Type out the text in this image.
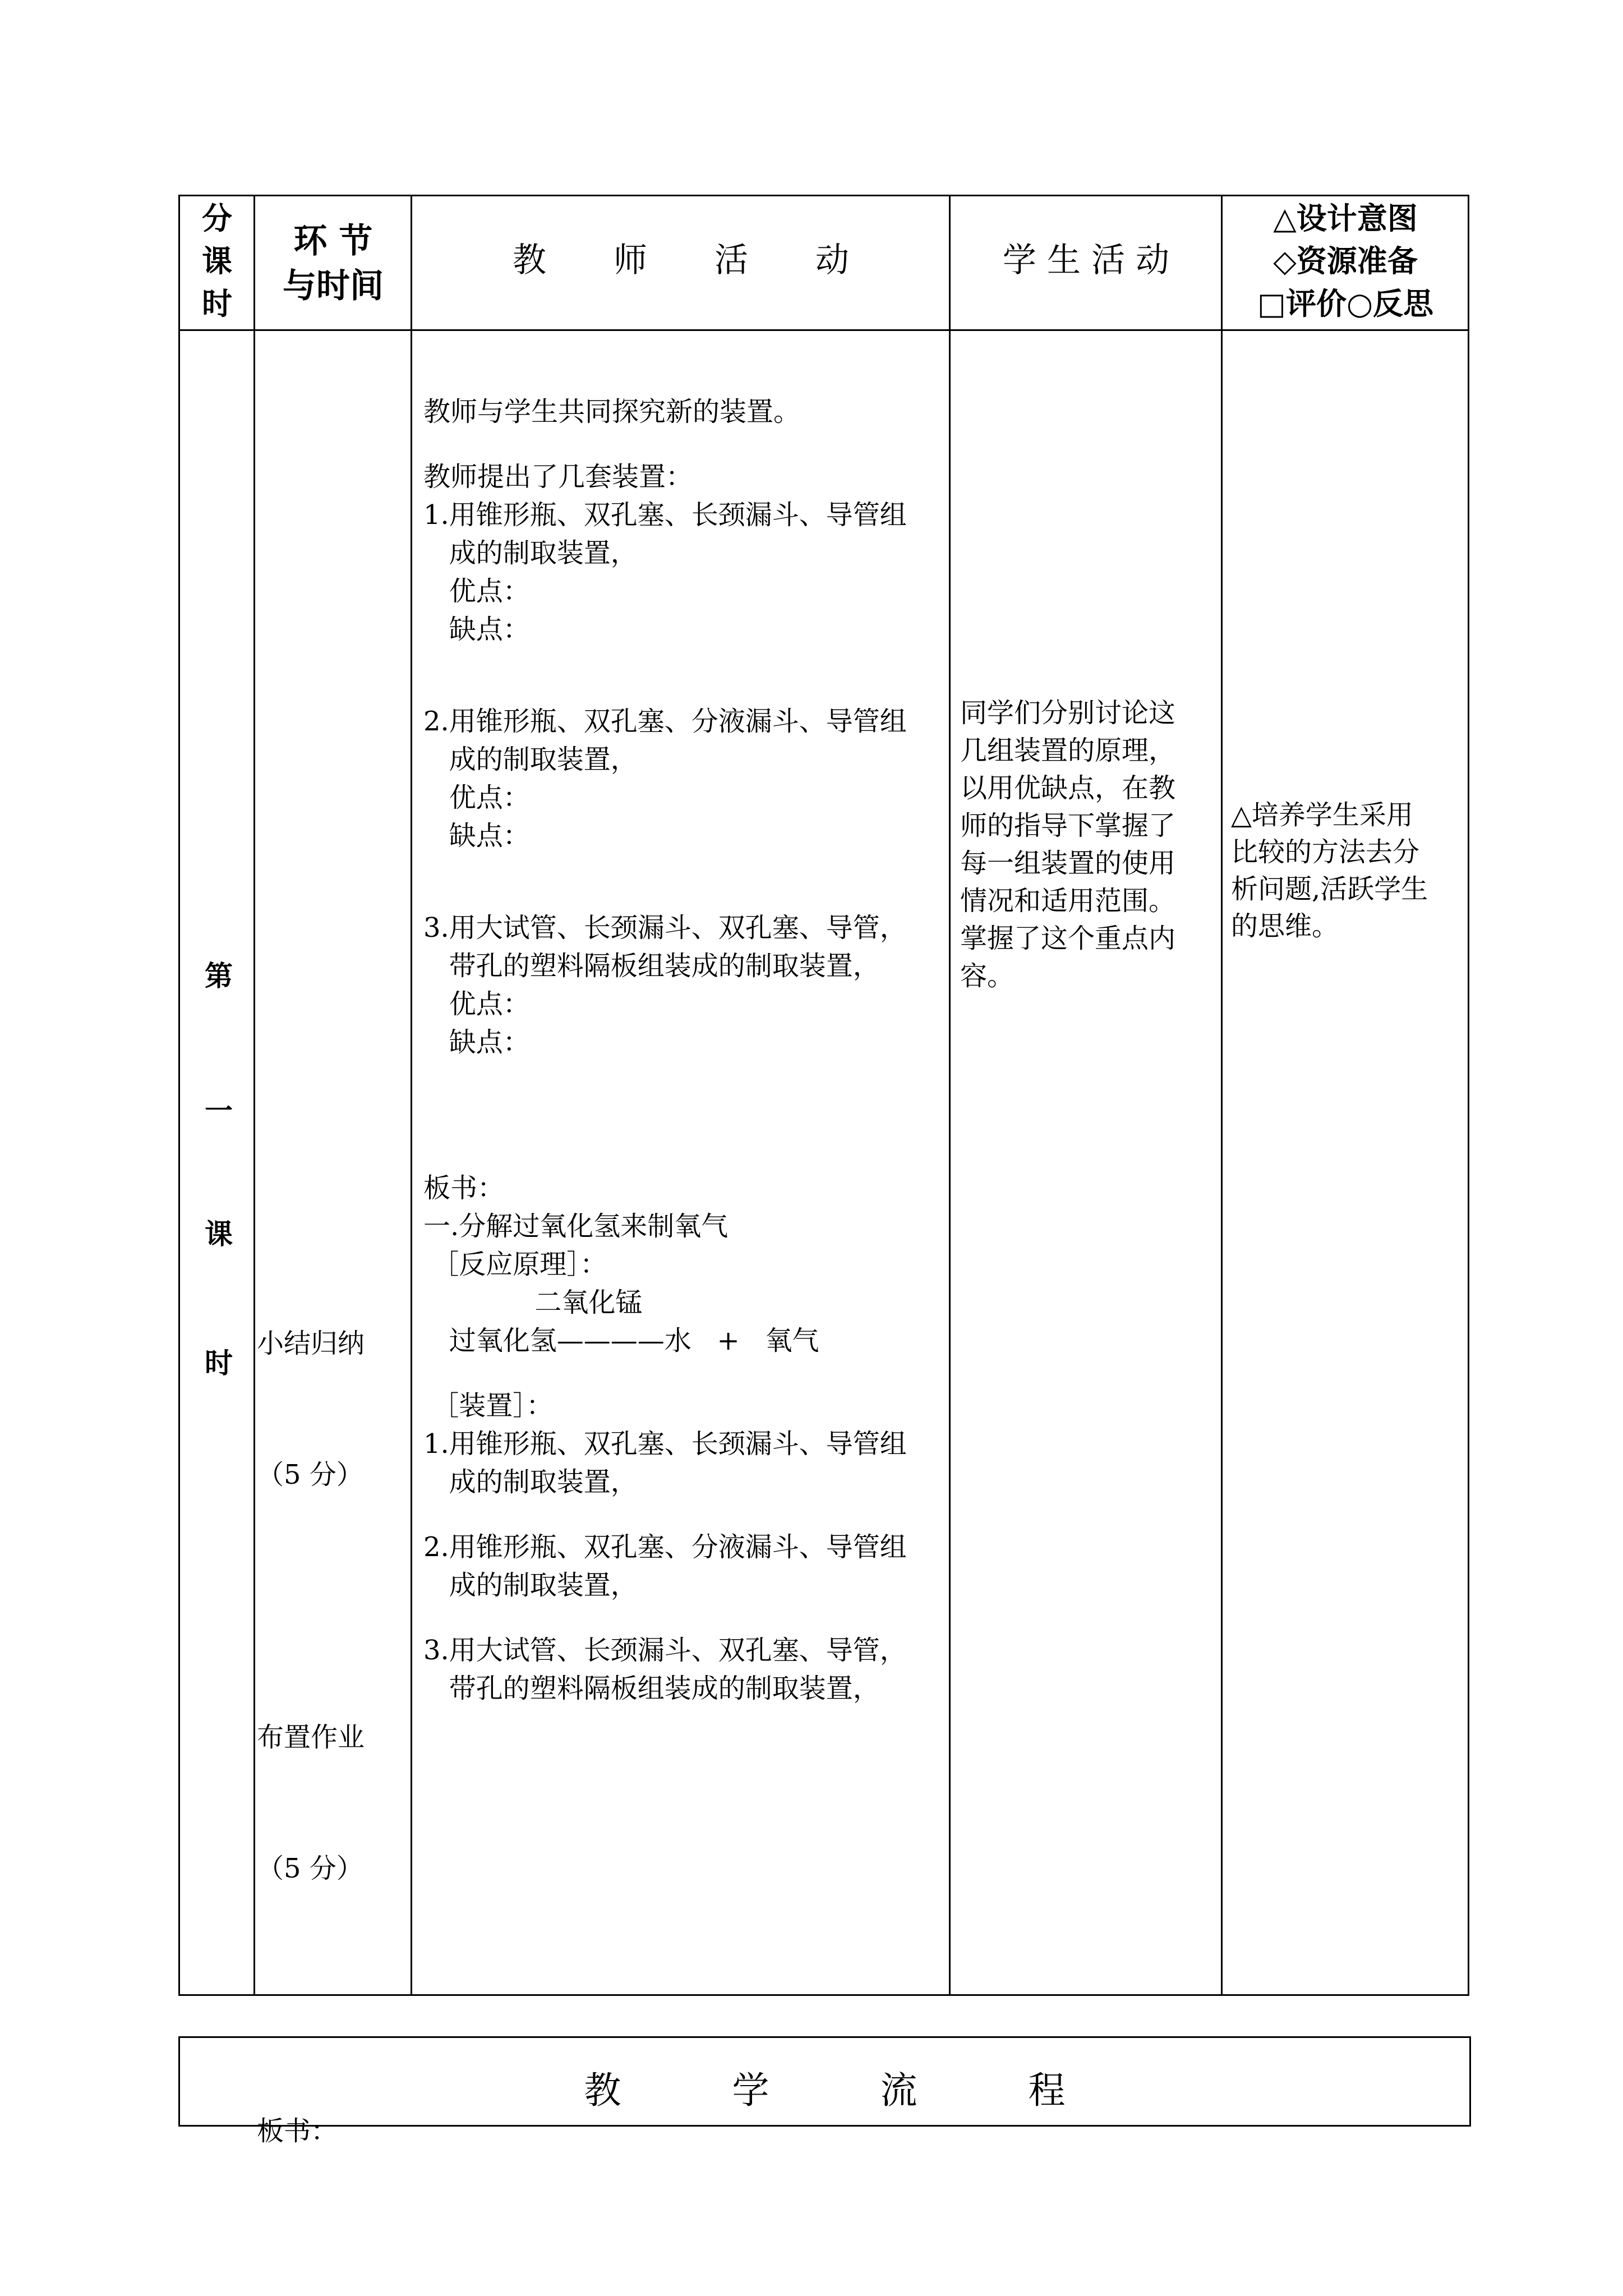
分
课
时
环 节
与时间
教　　师　　活　　动	学 生 活 动
△设计意图
◇资源准备
□评价○反思
第
一
课
时

小结归纳

（5 分）

布置作业

（5 分）

板书：

教师与学生共同探究新的装置。
教师提出了几套装置：
1.用锥形瓶、双孔塞、长颈漏斗、导管组
成的制取装置，
优点：
缺点：
2.用锥形瓶、双孔塞、分液漏斗、导管组
成的制取装置，
优点：
缺点：
3.用大试管、长颈漏斗、双孔塞、导管，
带孔的塑料隔板组装成的制取装置，
优点：
缺点：
板书：
一.分解过氧化氢来制氧气
［反应原理］：
二氧化锰
过氧化氢————水   +   氧气
［装置］：
1.用锥形瓶、双孔塞、长颈漏斗、导管组
成的制取装置，
2.用锥形瓶、双孔塞、分液漏斗、导管组
成的制取装置，
3.用大试管、长颈漏斗、双孔塞、导管，
带孔的塑料隔板组装成的制取装置，
同学们分别讨论这
几组装置的原理，
以用优缺点，在教
师的指导下掌握了
每一组装置的使用
情况和适用范围。
掌握了这个重点内
容。
△培养学生采用
比较的方法去分
析问题,活跃学生
的思维。
教　　　学　　　流　　　程
